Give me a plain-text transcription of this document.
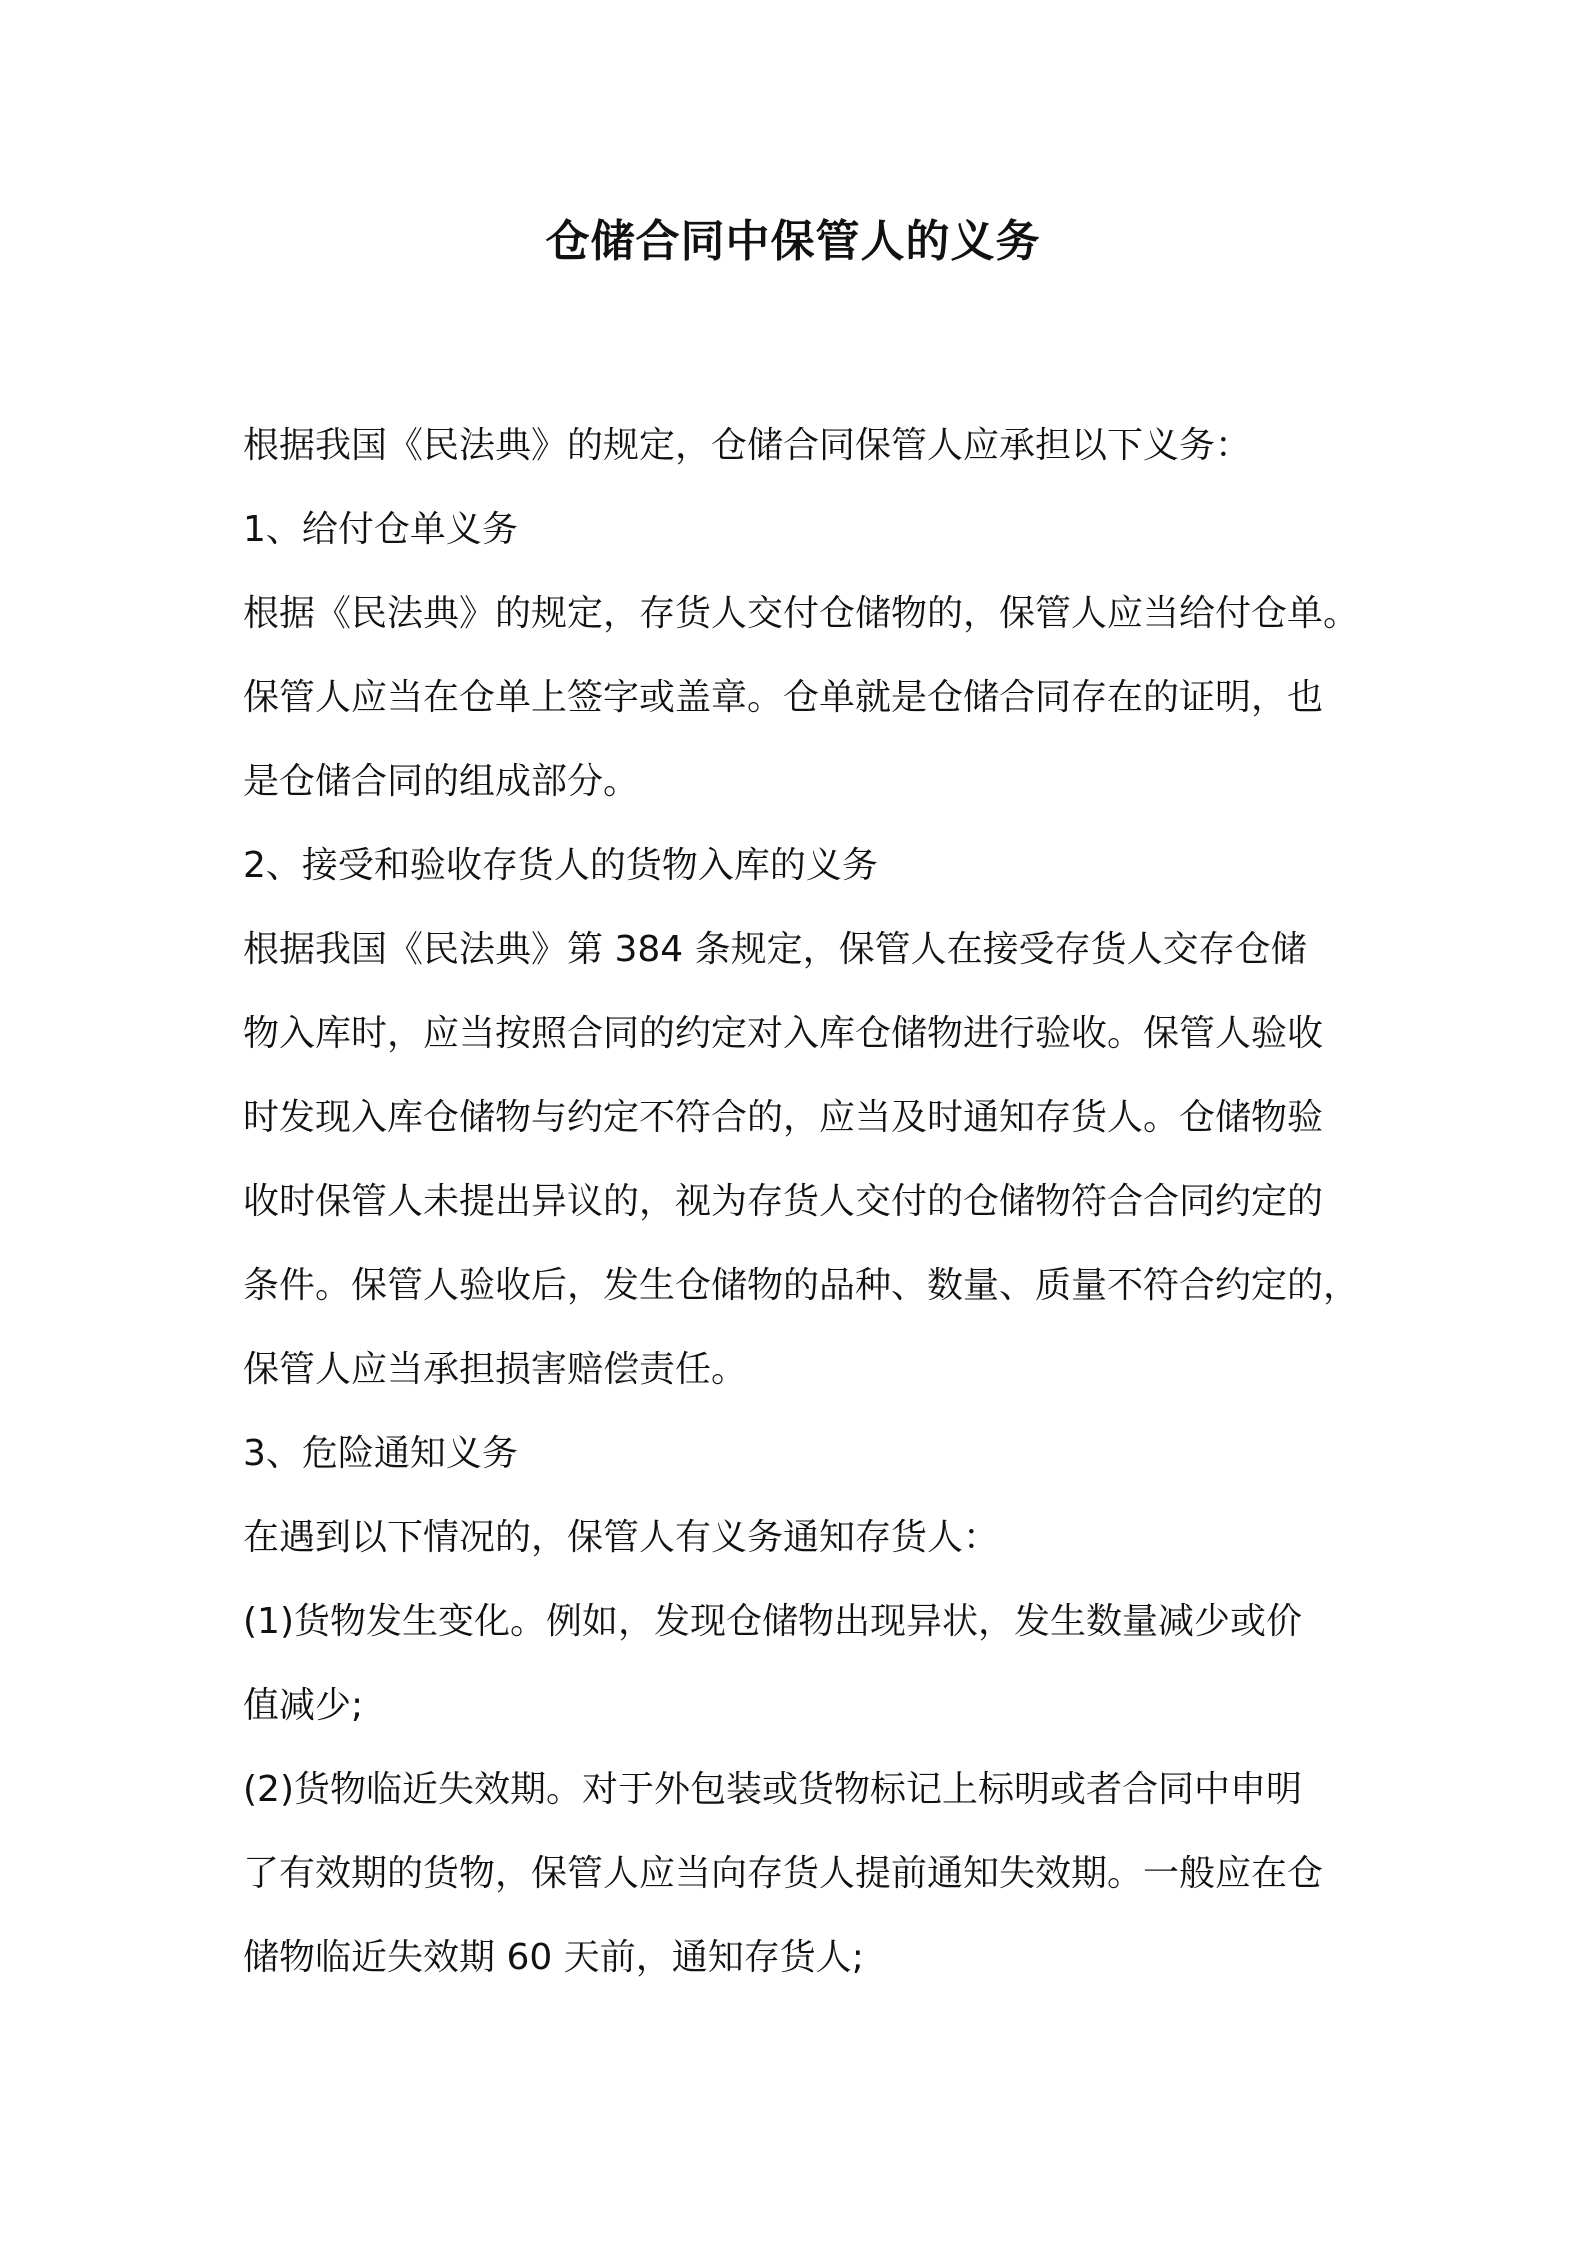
仓储合同中保管人的义务

根据我国《民法典》的规定，仓储合同保管人应承担以下义务：

1、给付仓单义务

根据《民法典》的规定，存货人交付仓储物的，保管人应当给付仓单。

保管人应当在仓单上签字或盖章。仓单就是仓储合同存在的证明，也

是仓储合同的组成部分。

2、接受和验收存货人的货物入库的义务

根据我国《民法典》第 384 条规定，保管人在接受存货人交存仓储

物入库时，应当按照合同的约定对入库仓储物进行验收。保管人验收

时发现入库仓储物与约定不符合的，应当及时通知存货人。仓储物验

收时保管人未提出异议的，视为存货人交付的仓储物符合合同约定的

条件。保管人验收后，发生仓储物的品种、数量、质量不符合约定的，

保管人应当承担损害赔偿责任。

3、危险通知义务

在遇到以下情况的，保管人有义务通知存货人：

(1)货物发生变化。例如，发现仓储物出现异状，发生数量减少或价

值减少;

(2)货物临近失效期。对于外包装或货物标记上标明或者合同中申明

了有效期的货物，保管人应当向存货人提前通知失效期。一般应在仓

储物临近失效期 60 天前，通知存货人;
